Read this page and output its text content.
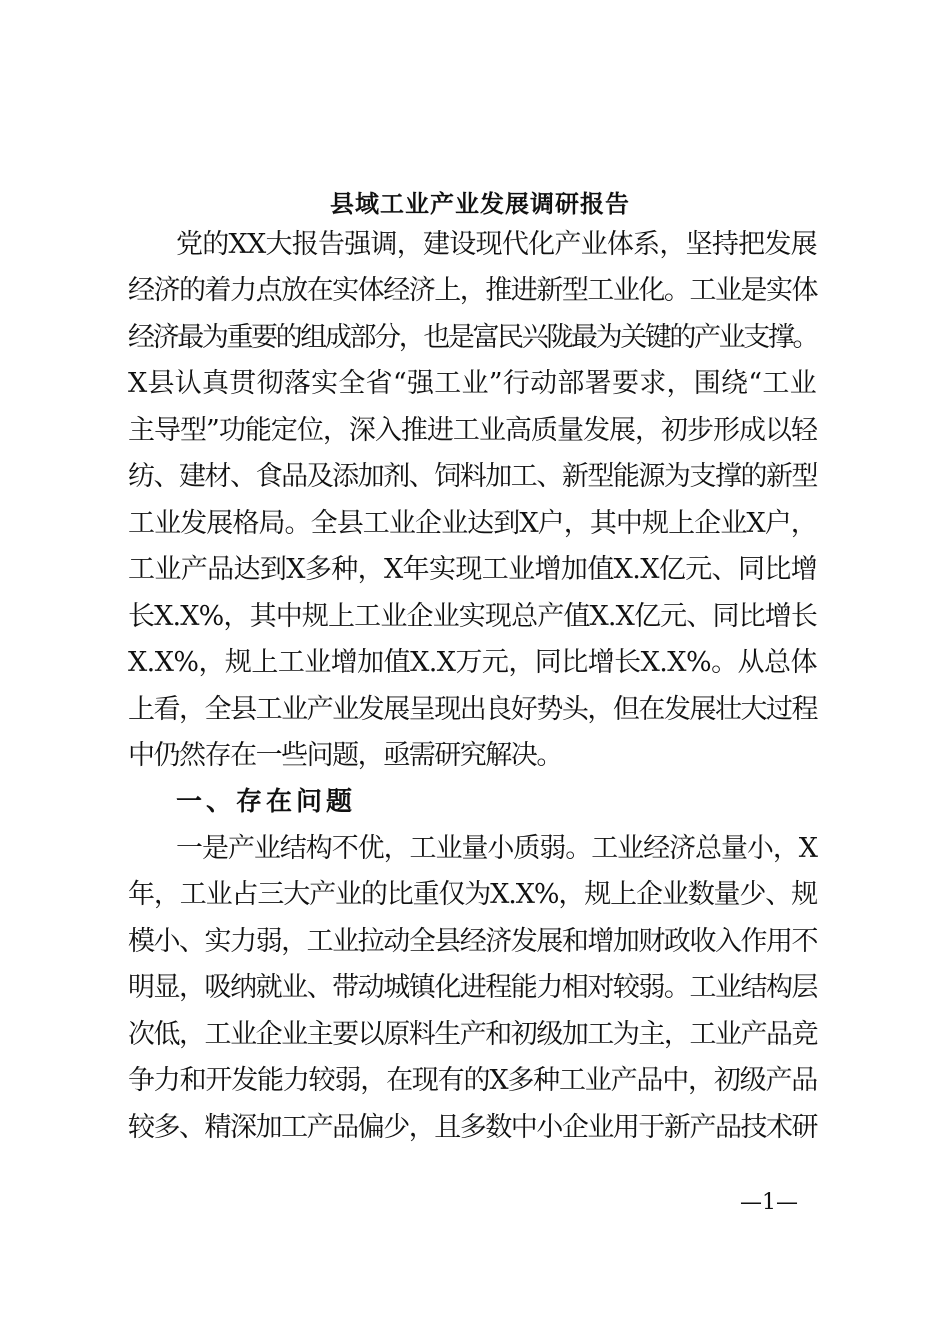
县域工业产业发展调研报告
党的XX大报告强调，建设现代化产业体系，坚持把发展
经济的着力点放在实体经济上，推进新型工业化。工业是实体
经济最为重要的组成部分，也是富民兴陇最为关键的产业支撑。
X县认真贯彻落实全省“强工业”行动部署要求，围绕“工业
主导型”功能定位，深入推进工业高质量发展，初步形成以轻
纺、建材、食品及添加剂、饲料加工、新型能源为支撑的新型
工业发展格局。全县工业企业达到X户，其中规上企业X户，
工业产品达到X多种，X年实现工业增加值X.X亿元、同比增
长X.X%，其中规上工业企业实现总产值X.X亿元、同比增长
X.X%，规上工业增加值X.X万元，同比增长X.X%。从总体
上看，全县工业产业发展呈现出良好势头，但在发展壮大过程
中仍然存在一些问题，亟需研究解决。
一、存在问题
一是产业结构不优，工业量小质弱。工业经济总量小，X
年，工业占三大产业的比重仅为X.X%，规上企业数量少、规
模小、实力弱，工业拉动全县经济发展和增加财政收入作用不
明显，吸纳就业、带动城镇化进程能力相对较弱。工业结构层
次低，工业企业主要以原料生产和初级加工为主，工业产品竞
争力和开发能力较弱，在现有的X多种工业产品中，初级产品
较多、精深加工产品偏少，且多数中小企业用于新产品技术研
—1—
